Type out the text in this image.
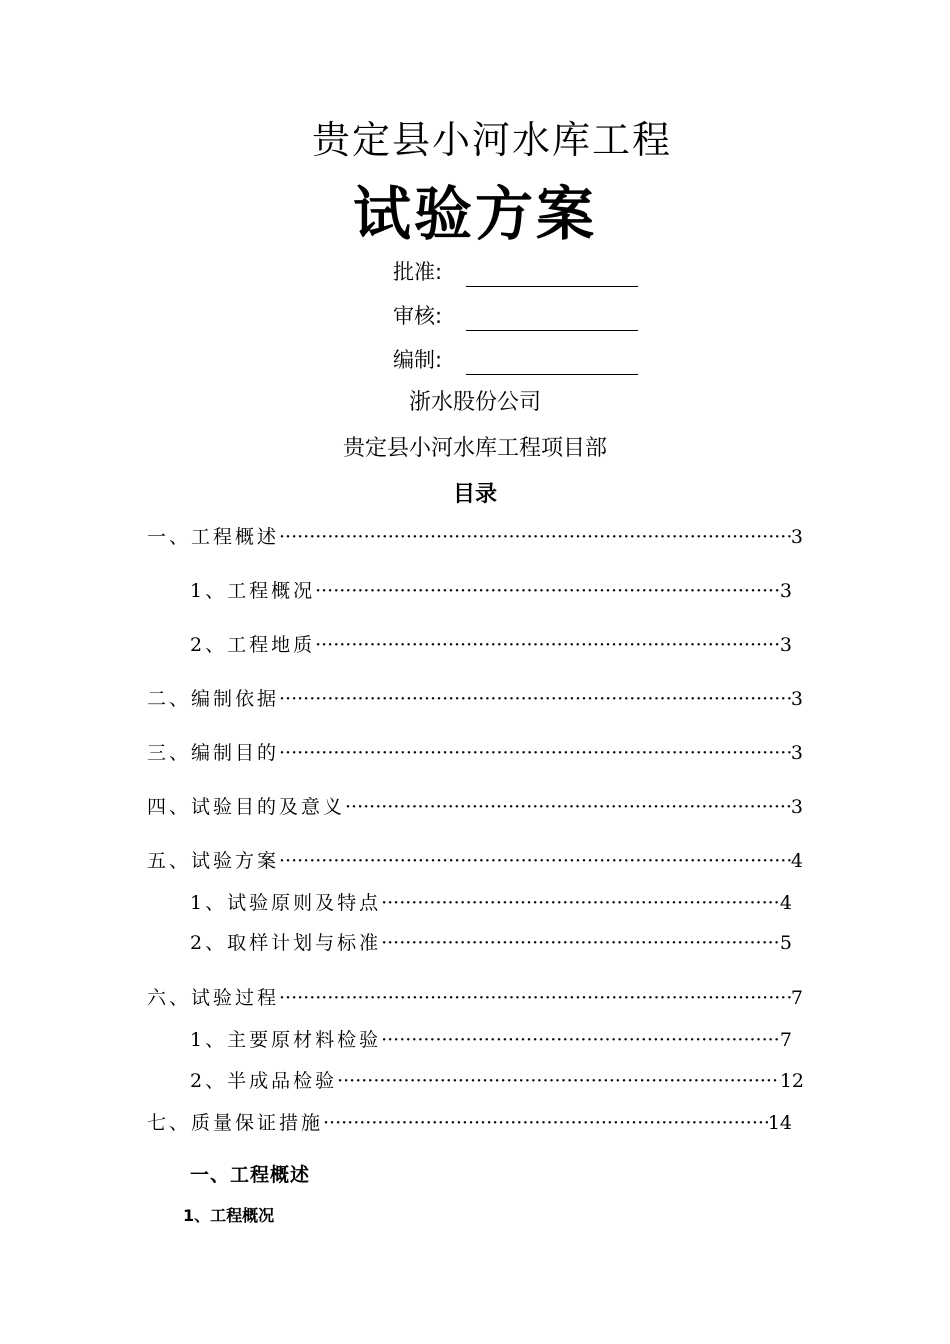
贵定县小河水库工程
试验方案
批准:
审核:
编制:
浙水股份公司
贵定县小河水库工程项目部
目录
一、工程概述 ·····	3
1、工程概况 ·····	3
2、工程地质 ·····	3
二、编制依据 ·····	3
三、编制目的 ·····	3
四、试验目的及意义 ·····	3
五、试验方案 ·····	4
1、试验原则及特点 ·····	4
2、取样计划与标准 ·····	5
六、试验过程 ·····	7
1、主要原材料检验 ·····	7
2、半成品检验 ·····	12
七、质量保证措施 ·····	14
一、工程概述
1、工程概况
